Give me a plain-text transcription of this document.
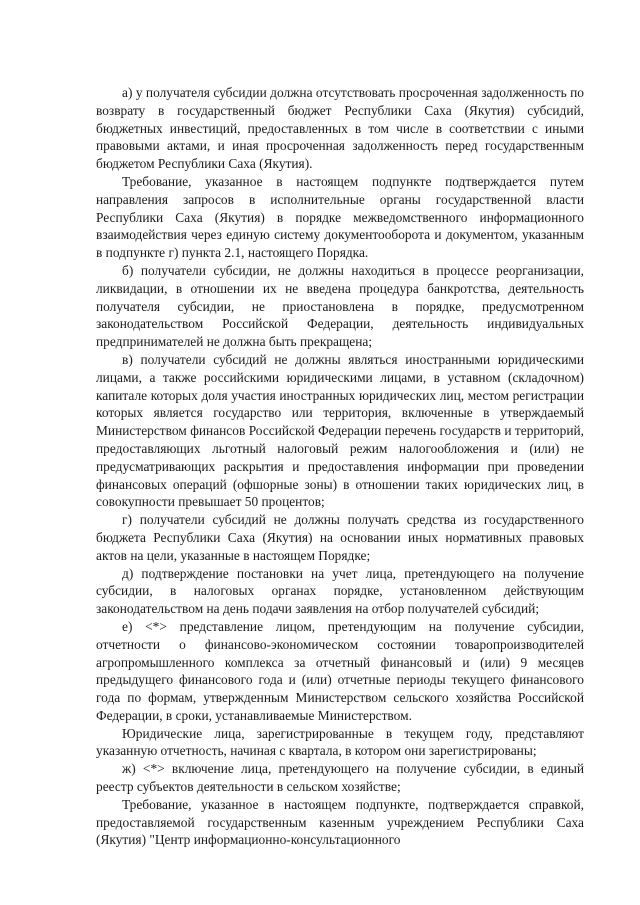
а) у получателя субсидии должна отсутствовать просроченная задолженность по возврату в государственный бюджет Республики Саха (Якутия) субсидий, бюджетных инвестиций, предоставленных в том числе в соответствии с иными правовыми актами, и иная просроченная задолженность перед государственным бюджетом Республики Саха (Якутия).

Требование, указанное в настоящем подпункте подтверждается путем направления запросов в исполнительные органы государственной власти Республики Саха (Якутия) в порядке межведомственного информационного взаимодействия через единую систему документооборота и документом, указанным в подпункте г) пункта 2.1, настоящего Порядка.

б) получатели субсидии, не должны находиться в процессе реорганизации, ликвидации, в отношении их не введена процедура банкротства, деятельность получателя субсидии, не приостановлена в порядке, предусмотренном законодательством Российской Федерации, деятельность индивидуальных предпринимателей не должна быть прекращена;

в) получатели субсидий не должны являться иностранными юридическими лицами, а также российскими юридическими лицами, в уставном (складочном) капитале которых доля участия иностранных юридических лиц, местом регистрации которых является государство или территория, включенные в утверждаемый Министерством финансов Российской Федерации перечень государств и территорий, предоставляющих льготный налоговый режим налогообложения и (или) не предусматривающих раскрытия и предоставления информации при проведении финансовых операций (офшорные зоны) в отношении таких юридических лиц, в совокупности превышает 50 процентов;

г) получатели субсидий не должны получать средства из государственного бюджета Республики Саха (Якутия) на основании иных нормативных правовых актов на цели, указанные в настоящем Порядке;

д) подтверждение постановки на учет лица, претендующего на получение субсидии, в налоговых органах порядке, установленном действующим законодательством на день подачи заявления на отбор получателей субсидий;

е) <*> представление лицом, претендующим на получение субсидии, отчетности о финансово-экономическом состоянии товаропроизводителей агропромышленного комплекса за отчетный финансовый и (или) 9 месяцев предыдущего финансового года и (или) отчетные периоды текущего финансового года по формам, утвержденным Министерством сельского хозяйства Российской Федерации, в сроки, устанавливаемые Министерством.

Юридические лица, зарегистрированные в текущем году, представляют указанную отчетность, начиная с квартала, в котором они зарегистрированы;

ж) <*> включение лица, претендующего на получение субсидии, в единый реестр субъектов деятельности в сельском хозяйстве;

Требование, указанное в настоящем подпункте, подтверждается справкой, предоставляемой государственным казенным учреждением Республики Саха (Якутия) "Центр информационно-консультационного
